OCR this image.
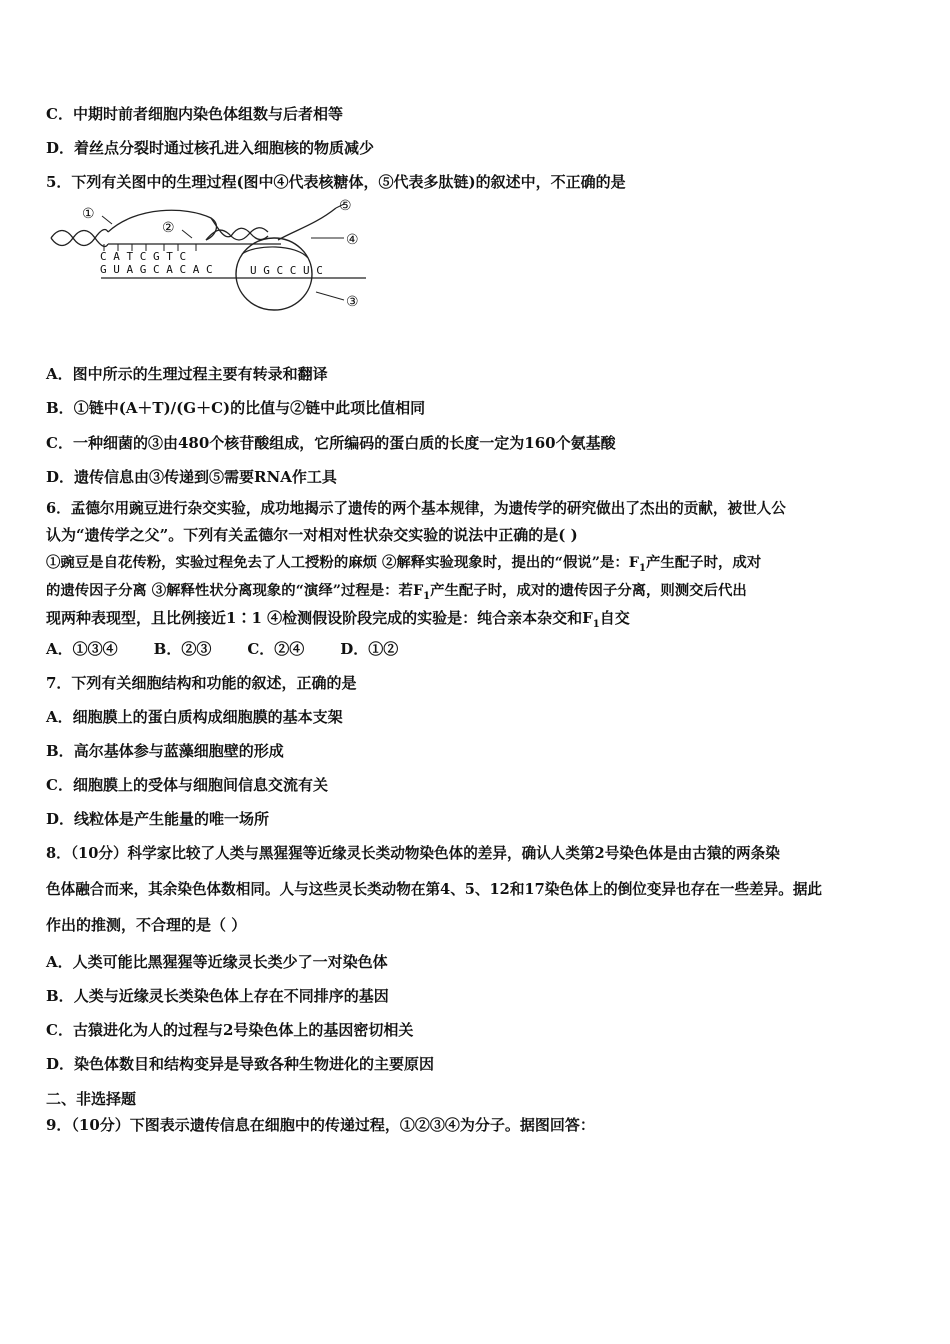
C．中期时前者细胞内染色体组数与后者相等
D．着丝点分裂时通过核孔进入细胞核的物质减少
5．下列有关图中的生理过程(图中④代表核糖体，⑤代表多肽链)的叙述中，不正确的是
①
②
③
④
⑤
C A T C G T C
G U A G C A C A C	U G C C U C
A．图中所示的生理过程主要有转录和翻译
B．①链中(A＋T)/(G＋C)的比值与②链中此项比值相同
C．一种细菌的③由480个核苷酸组成，它所编码的蛋白质的长度一定为160个氨基酸
D．遗传信息由③传递到⑤需要RNA作工具
6．孟德尔用豌豆进行杂交实验，成功地揭示了遗传的两个基本规律，为遗传学的研究做出了杰出的贡献，被世人公
认为“遗传学之父”。下列有关孟德尔一对相对性状杂交实验的说法中正确的是( )
①豌豆是自花传粉，实验过程免去了人工授粉的麻烦 ②解释实验现象时，提出的“假说”是：$F_1$产生配子时，成对
的遗传因子分离 ③解释性状分离现象的“演绎”过程是：若$F_1$产生配子时，成对的遗传因子分离，则测交后代出
现两种表现型，且比例接近1∶1 ④检测假设阶段完成的实验是：纯合亲本杂交和$F_1$自交
A．①③④ B．②③ C．②④ D．①②
7．下列有关细胞结构和功能的叙述，正确的是
A．细胞膜上的蛋白质构成细胞膜的基本支架
B．高尔基体参与蓝藻细胞壁的形成
C．细胞膜上的受体与细胞间信息交流有关
D．线粒体是产生能量的唯一场所
8．（10分）科学家比较了人类与黑猩猩等近缘灵长类动物染色体的差异，确认人类第2号染色体是由古猿的两条染
色体融合而来，其余染色体数相同。人与这些灵长类动物在第4、5、12和17染色体上的倒位变异也存在一些差异。据此
作出的推测，不合理的是（ ）
A．人类可能比黑猩猩等近缘灵长类少了一对染色体
B．人类与近缘灵长类染色体上存在不同排序的基因
C．古猿进化为人的过程与2号染色体上的基因密切相关
D．染色体数目和结构变异是导致各种生物进化的主要原因
二、非选择题
9．（10分）下图表示遗传信息在细胞中的传递过程，①②③④为分子。据图回答：
